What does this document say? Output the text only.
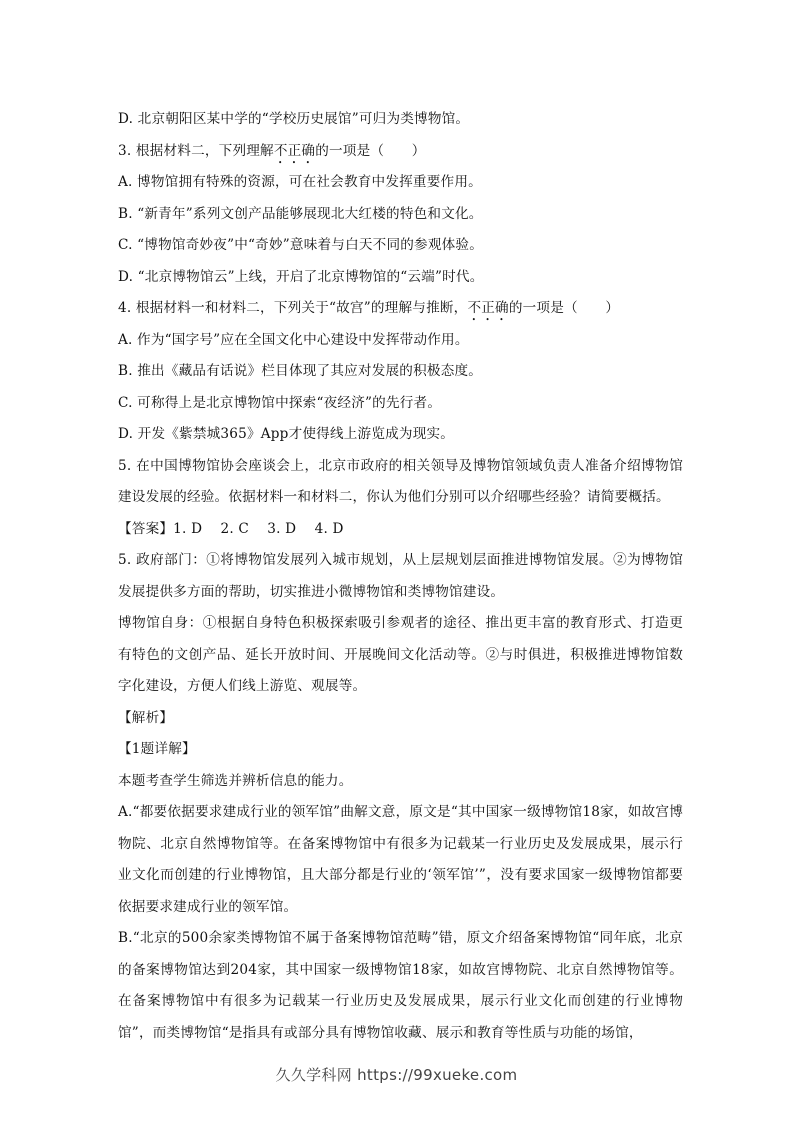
D. 北京朝阳区某中学的“学校历史展馆”可归为类博物馆。
3. 根据材料二，下列理解不正确的一项是（　　）
A. 博物馆拥有特殊的资源，可在社会教育中发挥重要作用。
B. “新青年”系列文创产品能够展现北大红楼的特色和文化。
C. “博物馆奇妙夜”中“奇妙”意味着与白天不同的参观体验。
D. “北京博物馆云”上线，开启了北京博物馆的“云端”时代。
4. 根据材料一和材料二，下列关于“故宫”的理解与推断，不正确的一项是（　　）
A. 作为“国字号”应在全国文化中心建设中发挥带动作用。
B. 推出《藏品有话说》栏目体现了其应对发展的积极态度。
C. 可称得上是北京博物馆中探索“夜经济”的先行者。
D. 开发《紫禁城365》App才使得线上游览成为现实。
5. 在中国博物馆协会座谈会上，北京市政府的相关领导及博物馆领域负责人准备介绍博物馆建设发展的经验。依据材料一和材料二，你认为他们分别可以介绍哪些经验？请简要概括。
【答案】1. D　 2. C　 3. D　 4. D
5. 政府部门：①将博物馆发展列入城市规划，从上层规划层面推进博物馆发展。②为博物馆发展提供多方面的帮助，切实推进小微博物馆和类博物馆建设。
博物馆自身：①根据自身特色积极探索吸引参观者的途径、推出更丰富的教育形式、打造更有特色的文创产品、延长开放时间、开展晚间文化活动等。②与时俱进，积极推进博物馆数字化建设，方便人们线上游览、观展等。
【解析】
【1题详解】
本题考查学生筛选并辨析信息的能力。
A.“都要依据要求建成行业的领军馆”曲解文意，原文是“其中国家一级博物馆18家，如故宫博物院、北京自然博物馆等。在备案博物馆中有很多为记载某一行业历史及发展成果，展示行业文化而创建的行业博物馆，且大部分都是行业的‘领军馆’”，没有要求国家一级博物馆都要依据要求建成行业的领军馆。
B.“北京的500余家类博物馆不属于备案博物馆范畴”错，原文介绍备案博物馆“同年底，北京的备案博物馆达到204家，其中国家一级博物馆18家，如故宫博物院、北京自然博物馆等。在备案博物馆中有很多为记载某一行业历史及发展成果，展示行业文化而创建的行业博物馆”，而类博物馆“是指具有或部分具有博物馆收藏、展示和教育等性质与功能的场馆，
久久学科网 https://99xueke.com
